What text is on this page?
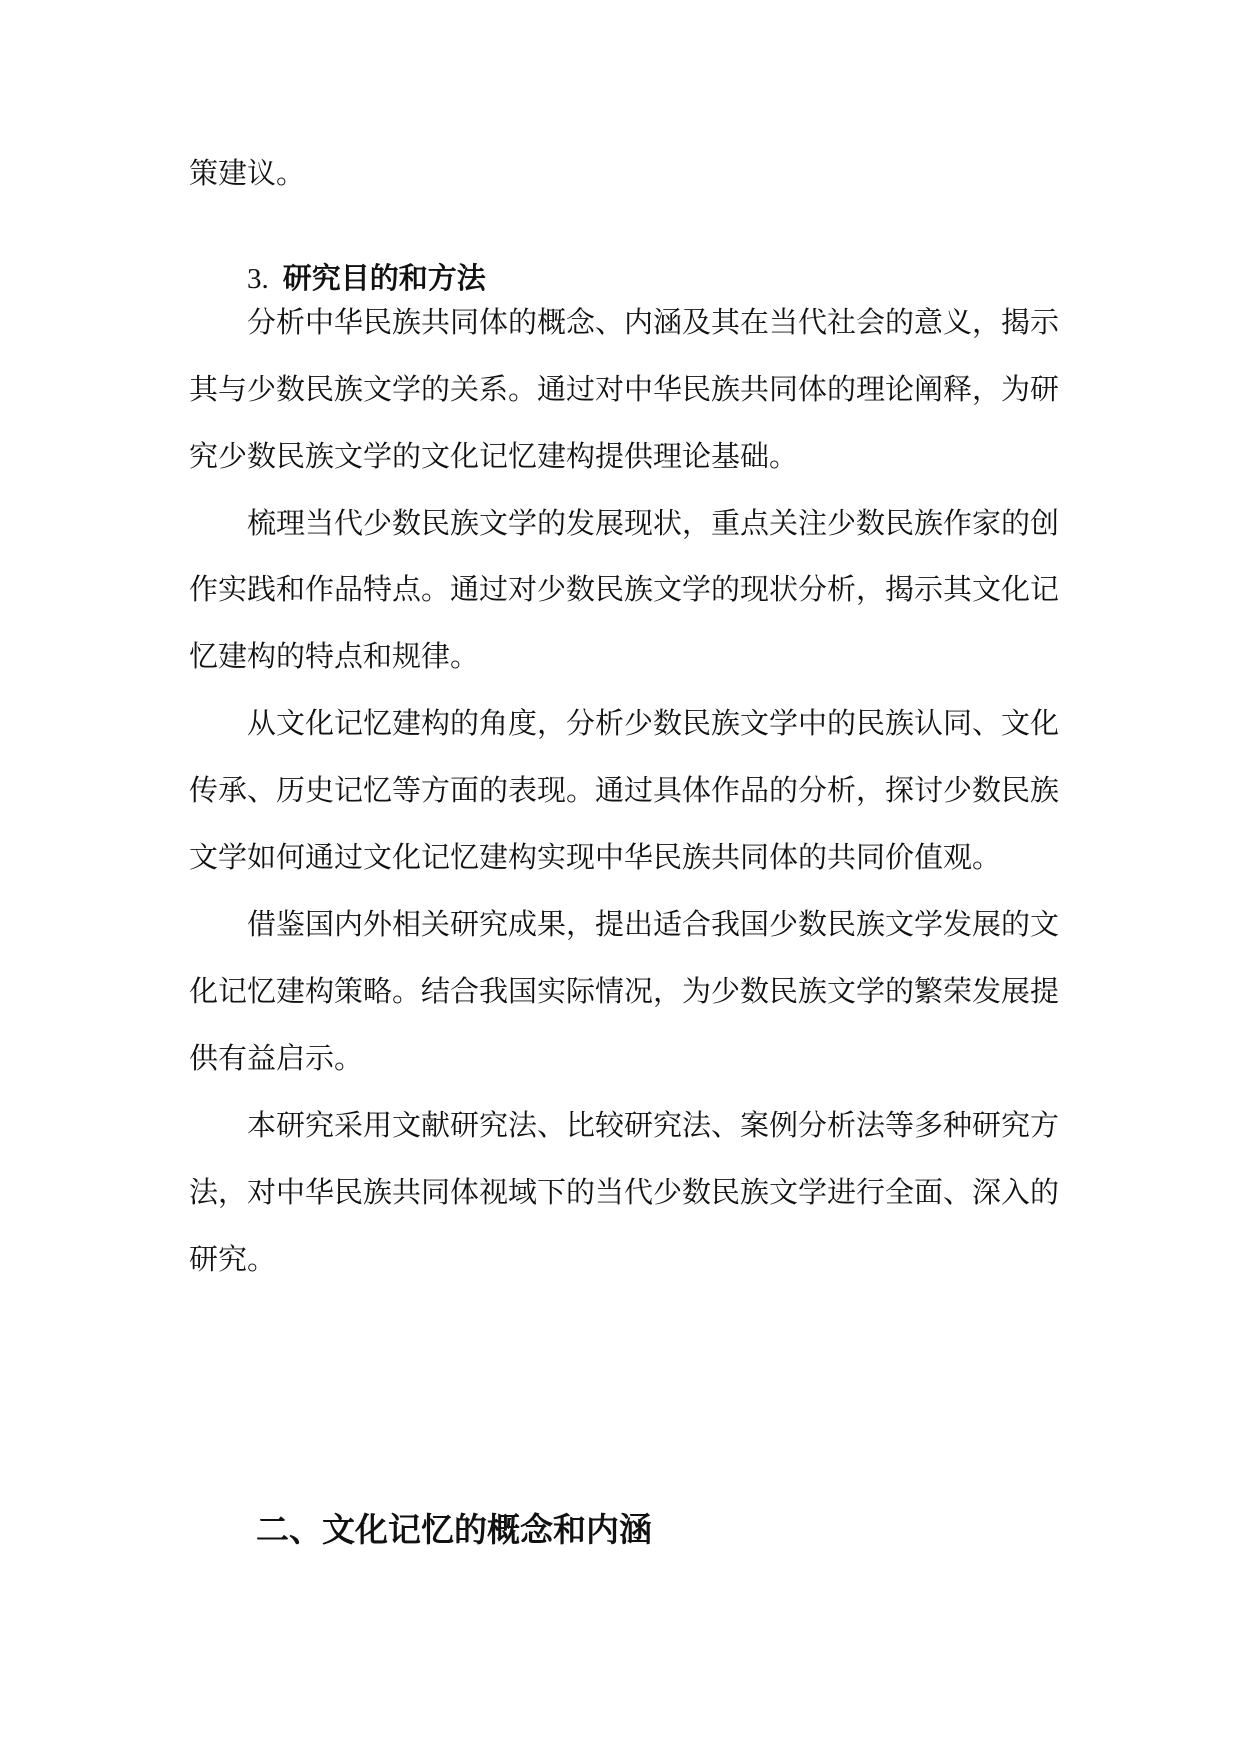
策建议。
3. 研究目的和方法
分析中华民族共同体的概念、内涵及其在当代社会的意义，揭示
其与少数民族文学的关系。通过对中华民族共同体的理论阐释，为研
究少数民族文学的文化记忆建构提供理论基础。
梳理当代少数民族文学的发展现状，重点关注少数民族作家的创
作实践和作品特点。通过对少数民族文学的现状分析，揭示其文化记
忆建构的特点和规律。
从文化记忆建构的角度，分析少数民族文学中的民族认同、文化
传承、历史记忆等方面的表现。通过具体作品的分析，探讨少数民族
文学如何通过文化记忆建构实现中华民族共同体的共同价值观。
借鉴国内外相关研究成果，提出适合我国少数民族文学发展的文
化记忆建构策略。结合我国实际情况，为少数民族文学的繁荣发展提
供有益启示。
本研究采用文献研究法、比较研究法、案例分析法等多种研究方
法，对中华民族共同体视域下的当代少数民族文学进行全面、深入的
研究。
二、文化记忆的概念和内涵
